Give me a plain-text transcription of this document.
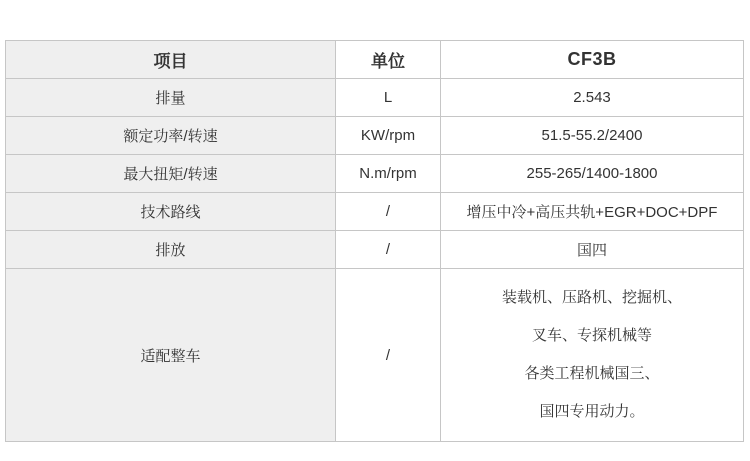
项目	单位	CF3B
排量	L	2.543
额定功率/转速	KW/rpm	51.5-55.2/2400
最大扭矩/转速	N.m/rpm	255-265/1400-1800
技术路线	/	增压中冷+高压共轨+EGR+DOC+DPF
排放	/	国四
适配整车	/	装载机、压路机、挖掘机、
叉车、专探机械等
各类工程机械国三、
国四专用动力。
